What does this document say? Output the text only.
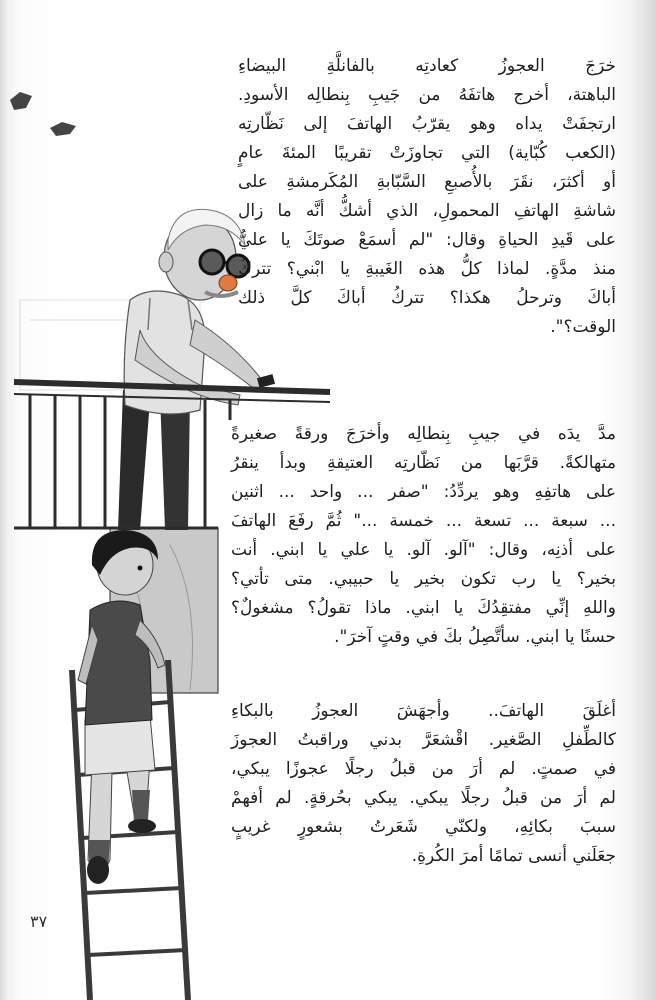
خرَجَ العجوزُ كعادتِه بالفانلَّةِ البيضاءِ
الباهتة، أخرج هاتفَهُ من جَيبِ بِنطالِه الأسودِ.
ارتجفَتْ يداه وهو يقرّبُ الهاتفَ إلى نَظّارتِه
(الكعب كُبّاية) التي تجاوزَتْ تقريبًا المئةَ عامٍ
أو أكثرَ، نقَرَ بالأُصبعِ السَّبّابةِ المُكَرمشةِ على
شاشةِ الهاتفِ المحمولِ، الذي أشكُّ أنَّه ما زال
على قَيدِ الحياةِ وقال: "لم أسمَعْ صوتَكَ يا عليُّ
منذ مدَّةٍ. لماذا كلُّ هذه الغَيبةِ يا ابْني؟ تتركُ
أباكَ وترحلُ هكذا؟ تتركُ أباكَ كلَّ ذلك
الوقت؟".
مدَّ يدَه في جيبِ بِنطالِه وأخرَجَ ورقةً صغيرةً
متهالكةً. قرَّبَها من نَظّارتِه العتيقةِ وبدأ ينقرُ
على هاتفِهِ وهو يردِّدُ: "صفر ... واحد ... اثنين
... سبعة ... تسعة ... خمسة ..." ثُمَّ رفَعَ الهاتفَ
على أذنِه، وقال: "آلو. آلو. يا علي يا ابني. أنت
بخير؟ يا رب تكون بخير يا حبيبي. متى تأتي؟
واللهِ إنِّي مفتقِدُكَ يا ابني. ماذا تقولُ؟ مشغولٌ؟
حسنًا يا ابني. سأتَّصِلُ بكَ في وقتٍ آخرَ".
أغلَقَ الهاتفَ.. وأجهَشَ العجوزُ بالبكاءِ
كالطِّفلِ الصَّغير. اقْشعَرَّ بدني وراقبتُ العجوزَ
في صمتٍ. لم أرَ من قبلُ رجلًا عجوزًا يبكي،
لم أرَ من قبلُ رجلًا يبكي. يبكي بحُرقةٍ. لم أفهمْ
سببَ بكائِهِ، ولكنّي شَعَرتُ بشعورٍ غريبٍ
جعَلَني أنسى تمامًا أمرَ الكُرةِ.
٣٧
